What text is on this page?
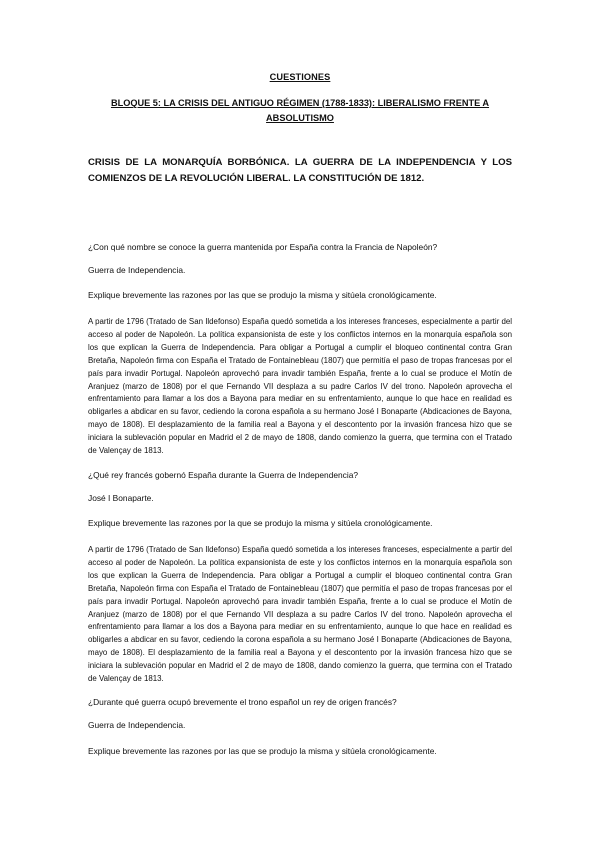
CUESTIONES
BLOQUE 5: LA CRISIS DEL ANTIGUO RÉGIMEN (1788-1833): LIBERALISMO FRENTE A ABSOLUTISMO
CRISIS DE LA MONARQUÍA BORBÓNICA. LA GUERRA DE LA INDEPENDENCIA Y LOS COMIENZOS DE LA REVOLUCIÓN LIBERAL. LA CONSTITUCIÓN DE 1812.
¿Con qué nombre se conoce la guerra mantenida por España contra la Francia de Napoleón?
Guerra de Independencia.
Explique brevemente las razones por las que se produjo la misma y sitúela cronológicamente.
A partir de 1796 (Tratado de San Ildefonso) España quedó sometida a los intereses franceses, especialmente a partir del acceso al poder de Napoleón. La política expansionista de este y los conflictos internos en la monarquía española son los que explican la Guerra de Independencia. Para obligar a Portugal a cumplir el bloqueo continental contra Gran Bretaña, Napoleón firma con España el Tratado de Fontainebleau (1807) que permitía el paso de tropas francesas por el país para invadir Portugal. Napoleón aprovechó para invadir también España, frente a lo cual se produce el Motín de Aranjuez (marzo de 1808) por el que Fernando VII desplaza a su padre Carlos IV del trono. Napoleón aprovecha el enfrentamiento para llamar a los dos a Bayona para mediar en su enfrentamiento, aunque lo que hace en realidad es obligarles a abdicar en su favor, cediendo la corona española a su hermano José I Bonaparte (Abdicaciones de Bayona, mayo de 1808). El desplazamiento de la familia real a Bayona y el descontento por la invasión francesa hizo que se iniciara la sublevación popular en Madrid el 2 de mayo de 1808, dando comienzo la guerra, que termina con el Tratado de Valençay de 1813.
¿Qué rey francés gobernó España durante la Guerra de Independencia?
José I Bonaparte.
Explique brevemente las razones por la que se produjo la misma y sitúela cronológicamente.
A partir de 1796 (Tratado de San Ildefonso) España quedó sometida a los intereses franceses, especialmente a partir del acceso al poder de Napoleón. La política expansionista de este y los conflictos internos en la monarquía española son los que explican la Guerra de Independencia. Para obligar a Portugal a cumplir el bloqueo continental contra Gran Bretaña, Napoleón firma con España el Tratado de Fontainebleau (1807) que permitía el paso de tropas francesas por el país para invadir Portugal. Napoleón aprovechó para invadir también España, frente a lo cual se produce el Motín de Aranjuez (marzo de 1808) por el que Fernando VII desplaza a su padre Carlos IV del trono. Napoleón aprovecha el enfrentamiento para llamar a los dos a Bayona para mediar en su enfrentamiento, aunque lo que hace en realidad es obligarles a abdicar en su favor, cediendo la corona española a su hermano José I Bonaparte (Abdicaciones de Bayona, mayo de 1808). El desplazamiento de la familia real a Bayona y el descontento por la invasión francesa hizo que se iniciara la sublevación popular en Madrid el 2 de mayo de 1808, dando comienzo la guerra, que termina con el Tratado de Valençay de 1813.
¿Durante qué guerra ocupó brevemente el trono español un rey de origen francés?
Guerra de Independencia.
Explique brevemente las razones por las que se produjo la misma y sitúela cronológicamente.
